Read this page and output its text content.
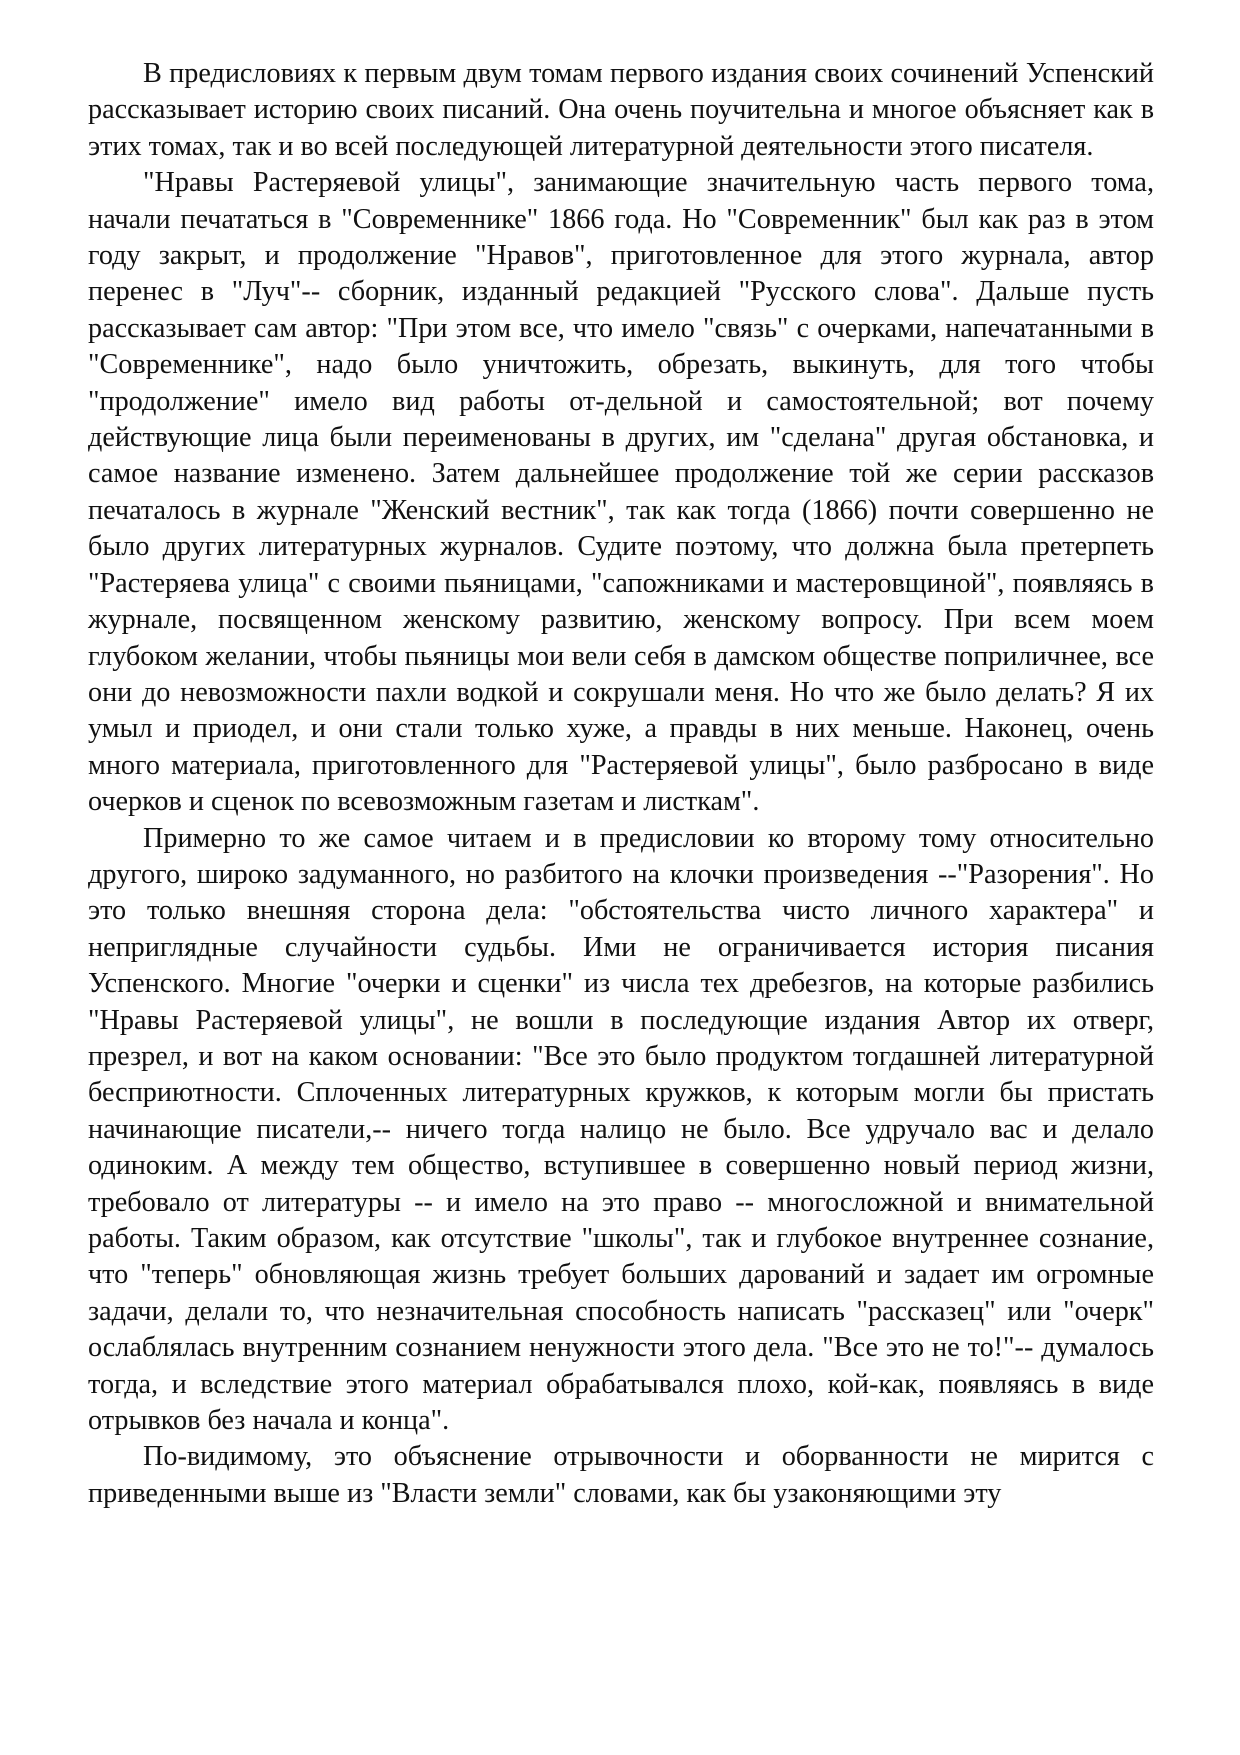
В предисловиях к первым двум томам первого издания своих сочинений Успенский рассказывает историю своих писаний. Она очень поучительна и многое объясняет как в этих томах, так и во всей последующей литературной деятельности этого писателя.

"Нравы Растеряевой улицы", занимающие значительную часть первого тома, начали печататься в "Современнике" 1866 года. Но "Современник" был как раз в этом году закрыт, и продолжение "Нравов", приготовленное для этого журнала, автор перенес в "Луч"-- сборник, изданный редакцией "Русского слова". Дальше пусть рассказывает сам автор: "При этом все, что имело "связь" с очерками, напечатанными в "Современнике", надо было уничтожить, обрезать, выкинуть, для того чтобы "продолжение" имело вид работы от-дельной и самостоятельной; вот почему действующие лица были переименованы в других, им "сделана" другая обстановка, и самое название изменено. Затем дальнейшее продолжение той же серии рассказов печаталось в журнале "Женский вестник", так как тогда (1866) почти совершенно не было других литературных журналов. Судите поэтому, что должна была претерпеть "Растеряева улица" с своими пьяницами, "сапожниками и мастеровщиной", появляясь в журнале, посвященном женскому развитию, женскому вопросу. При всем моем глубоком желании, чтобы пьяницы мои вели себя в дамском обществе поприличнее, все они до невозможности пахли водкой и сокрушали меня. Но что же было делать? Я их умыл и приодел, и они стали только хуже, а правды в них меньше. Наконец, очень много материала, приготовленного для "Растеряевой улицы", было разбросано в виде очерков и сценок по всевозможным газетам и листкам".

Примерно то же самое читаем и в предисловии ко второму тому относительно другого, широко задуманного, но разбитого на клочки произведения --"Разорения". Но это только внешняя сторона дела: "обстоятельства чисто личного характера" и неприглядные случайности судьбы. Ими не ограничивается история писания Успенского. Многие "очерки и сценки" из числа тех дребезгов, на которые разбились "Нравы Растеряевой улицы", не вошли в последующие издания Автор их отверг, презрел, и вот на каком основании: "Все это было продуктом тогдашней литературной бесприютности. Сплоченных литературных кружков, к которым могли бы пристать начинающие писатели,-- ничего тогда налицо не было. Все удручало вас и делало одиноким. А между тем общество, вступившее в совершенно новый период жизни, требовало от литературы -- и имело на это право -- многосложной и внимательной работы. Таким образом, как отсутствие "школы", так и глубокое внутреннее сознание, что "теперь" обновляющая жизнь требует больших дарований и задает им огромные задачи, делали то, что незначительная способность написать "рассказец" или "очерк" ослаблялась внутренним сознанием ненужности этого дела. "Все это не то!"-- думалось тогда, и вследствие этого материал обрабатывался плохо, кой-как, появляясь в виде отрывков без начала и конца".

По-видимому, это объяснение отрывочности и оборванности не мирится с приведенными выше из "Власти земли" словами, как бы узаконяющими эту
